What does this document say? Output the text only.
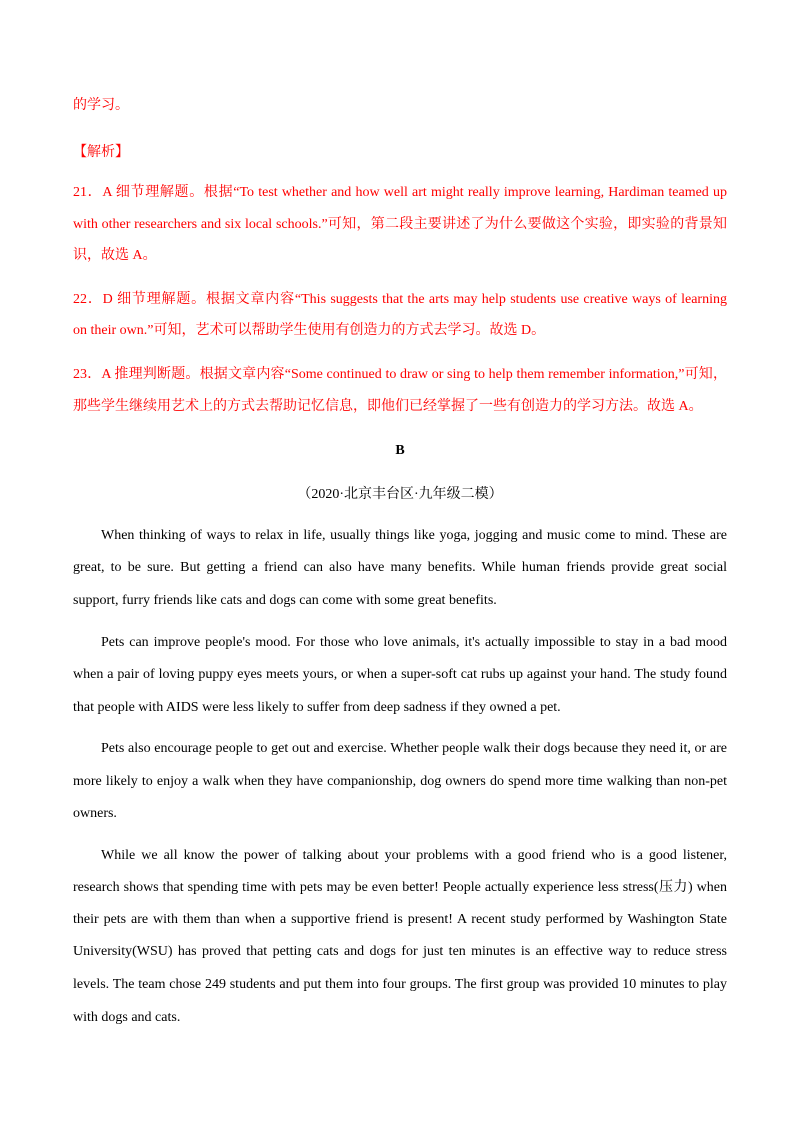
的学习。
【解析】
21．A 细节理解题。根据“To test whether and how well art might really improve learning, Hardiman teamed up
with other researchers and six local schools.”可知，第二段主要讲述了为什么要做这个实验，即实验的背景知
识，故选 A。
22．D 细节理解题。根据文章内容“This suggests that the arts may help students use creative ways of learning
on their own.”可知，艺术可以帮助学生使用有创造力的方式去学习。故选 D。
23．A 推理判断题。根据文章内容“Some continued to draw or sing to help them remember information,”可知，
那些学生继续用艺术上的方式去帮助记忆信息，即他们已经掌握了一些有创造力的学习方法。故选 A。
B
（2020·北京丰台区·九年级二模）
When thinking of ways to relax in life, usually things like yoga, jogging and music come to mind. These are
great, to be sure. But getting a friend can also have many benefits. While human friends provide great social
support, furry friends like cats and dogs can come with some great benefits.
Pets can improve people's mood. For those who love animals, it's actually impossible to stay in a bad mood
when a pair of loving puppy eyes meets yours, or when a super-soft cat rubs up against your hand. The study found
that people with AIDS were less likely to suffer from deep sadness if they owned a pet.
Pets also encourage people to get out and exercise. Whether people walk their dogs because they need it, or are
more likely to enjoy a walk when they have companionship, dog owners do spend more time walking than non-pet
owners.
While we all know the power of talking about your problems with a good friend who is a good listener,
research shows that spending time with pets may be even better! People actually experience less stress(压力) when
their pets are with them than when a supportive friend is present! A recent study performed by Washington State
University(WSU) has proved that petting cats and dogs for just ten minutes is an effective way to reduce stress
levels. The team chose 249 students and put them into four groups. The first group was provided 10 minutes to play
with dogs and cats.
